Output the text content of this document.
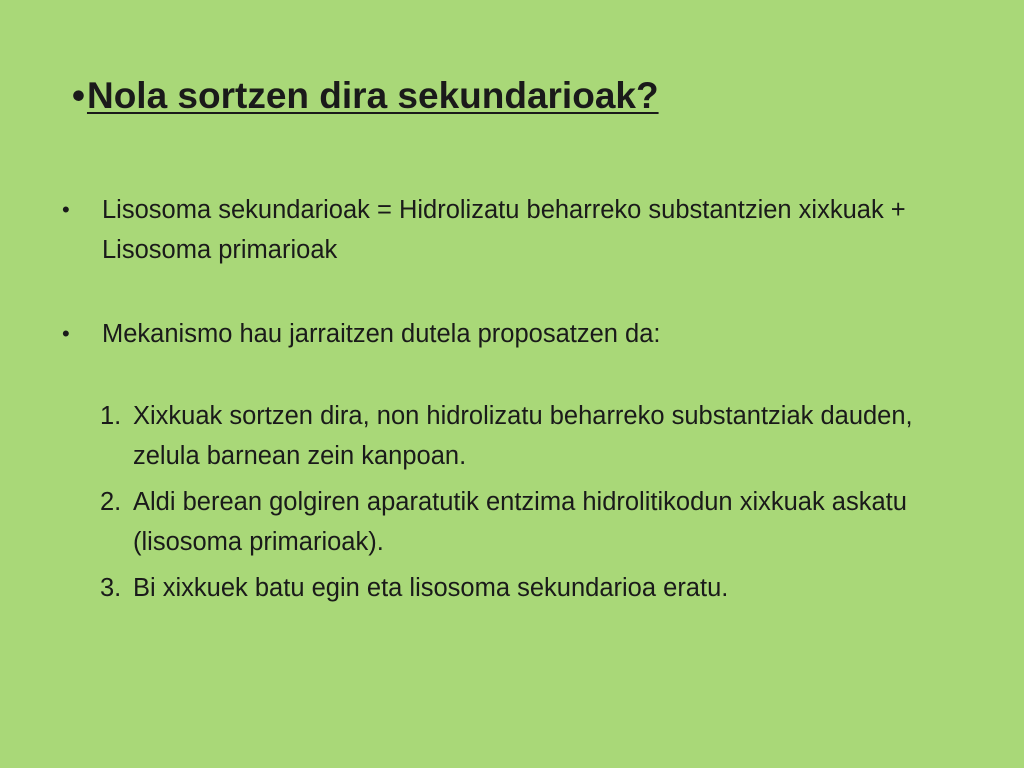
•Nola sortzen dira sekundarioak?
• Lisosoma sekundarioak = Hidrolizatu beharreko substantzien xixkuak + Lisosoma primarioak
• Mekanismo hau jarraitzen dutela proposatzen da:
1. Xixkuak sortzen dira, non hidrolizatu beharreko substantziak dauden, zelula barnean zein kanpoan.
2. Aldi berean golgiren aparatutik entzima hidrolitikodun xixkuak askatu (lisosoma primarioak).
3. Bi xixkuek batu egin eta lisosoma sekundarioa eratu.
